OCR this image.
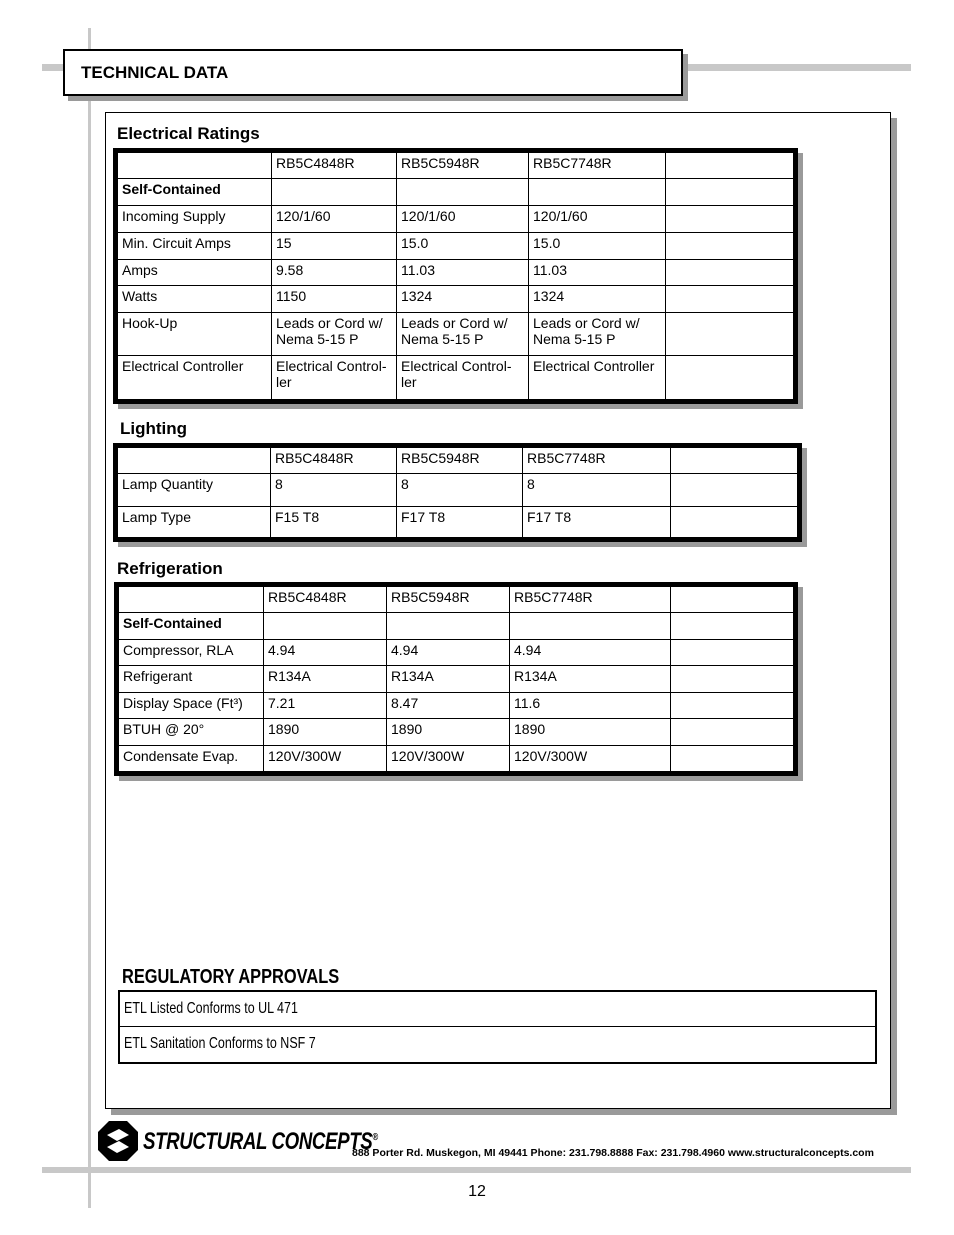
TECHNICAL DATA
Electrical Ratings
	RB5C4848R	RB5C5948R	RB5C7748R	
Self-Contained				
Incoming Supply	120/1/60	120/1/60	120/1/60	
Min. Circuit Amps	15	15.0	15.0	
Amps	9.58	11.03	11.03	
Watts	1150	1324	1324	
Hook-Up	Leads or Cord w/ Nema 5-15 P	Leads or Cord w/ Nema 5-15 P	Leads or Cord w/ Nema 5-15 P	
Electrical Controller	Electrical Control-ler	Electrical Control-ler	Electrical Controller	
Lighting
	RB5C4848R	RB5C5948R	RB5C7748R	
Lamp Quantity	8	8	8	
Lamp Type	F15 T8	F17 T8	F17 T8	
Refrigeration
	RB5C4848R	RB5C5948R	RB5C7748R	
Self-Contained				
Compressor, RLA	4.94	4.94	4.94	
Refrigerant	R134A	R134A	R134A	
Display Space (Ft³)	7.21	8.47	11.6	
BTUH @ 20°	1890	1890	1890	
Condensate Evap.	120V/300W	120V/300W	120V/300W	
REGULATORY APPROVALS
ETL Listed Conforms to UL 471
ETL Sanitation Conforms to NSF 7
STRUCTURAL CONCEPTS®
888 Porter Rd. Muskegon, MI 49441 Phone: 231.798.8888 Fax: 231.798.4960 www.structuralconcepts.com
12
